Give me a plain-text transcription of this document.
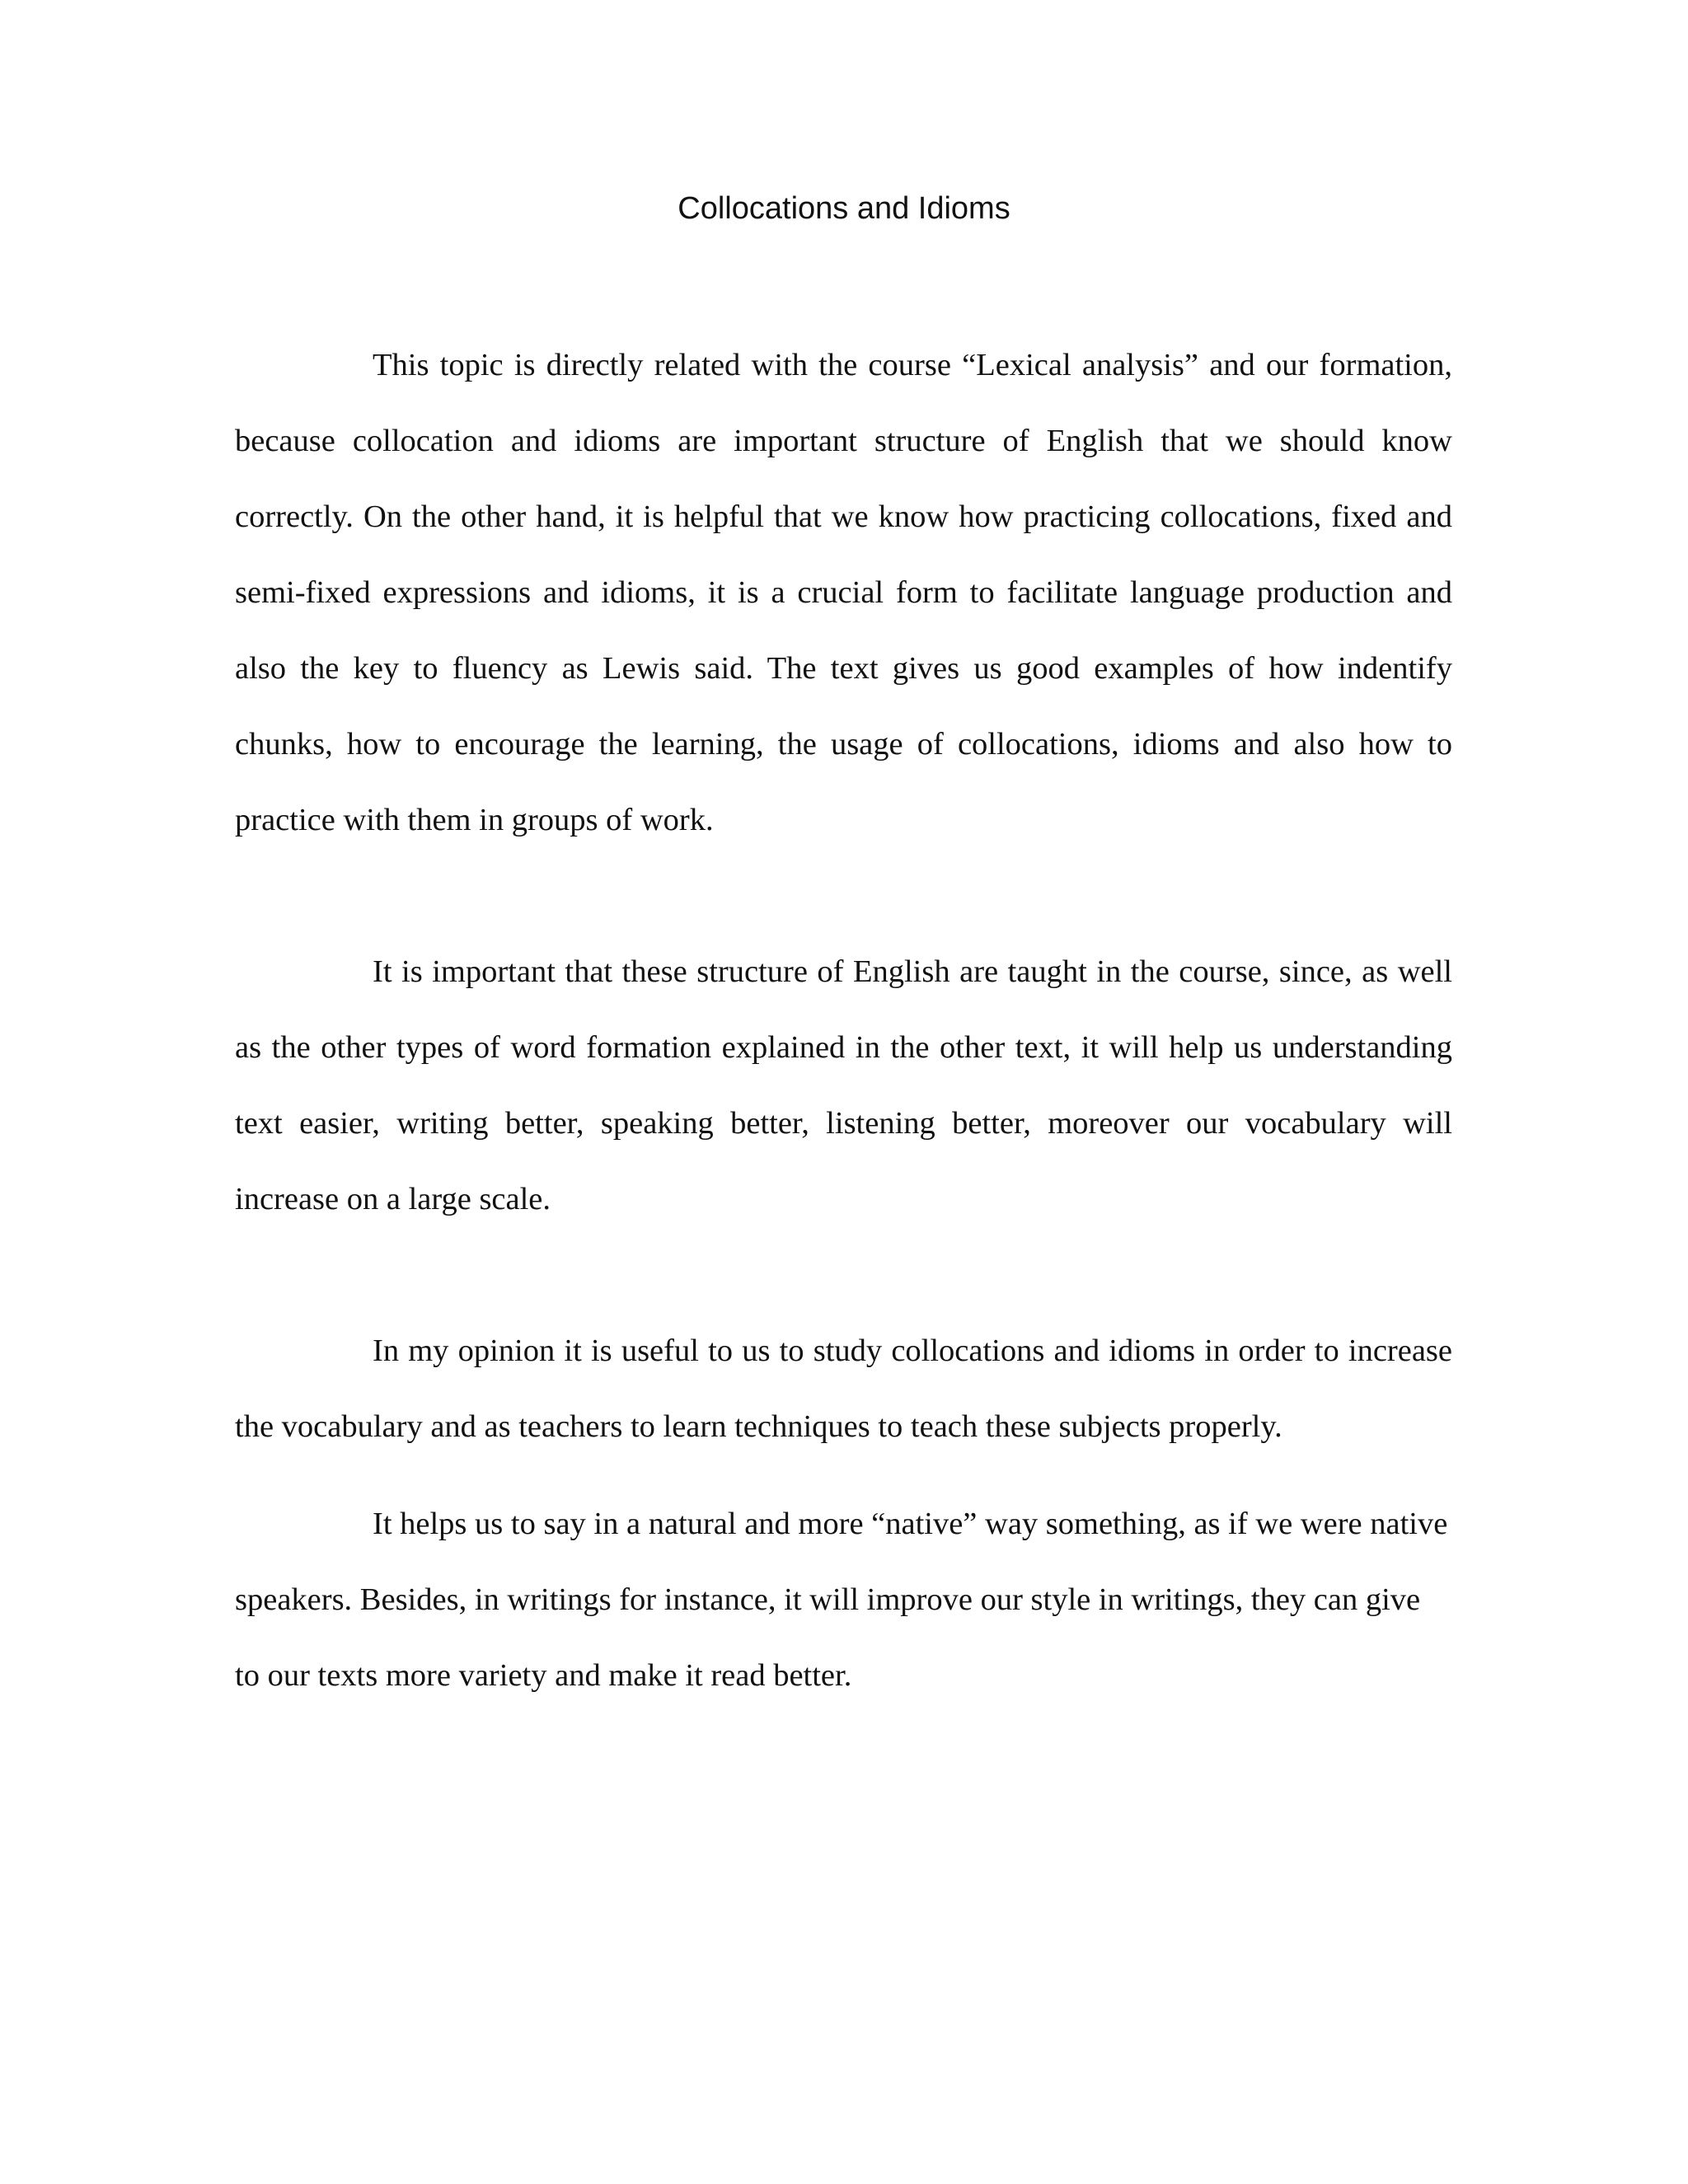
Collocations and Idioms

This topic is directly related with the course “Lexical analysis” and our formation, because collocation and idioms are important structure of English that we should know correctly. On the other hand, it is helpful that we know how practicing collocations, fixed and semi-fixed expressions and idioms, it is a crucial form to facilitate language production and also the key to fluency as Lewis said. The text gives us good examples of how indentify chunks, how to encourage the learning, the usage of collocations, idioms and also how to practice with them in groups of work.

It is important that these structure of English are taught in the course, since, as well as the other types of word formation explained in the other text, it will help us understanding text easier, writing better, speaking better, listening better, moreover our vocabulary will increase on a large scale.

In my opinion it is useful to us to study collocations and idioms in order to increase the vocabulary and as teachers to learn techniques to teach these subjects properly.

It helps us to say in a natural and more “native” way something, as if we were native speakers. Besides, in writings for instance, it will improve our style in writings, they can give to our texts more variety and make it read better.
